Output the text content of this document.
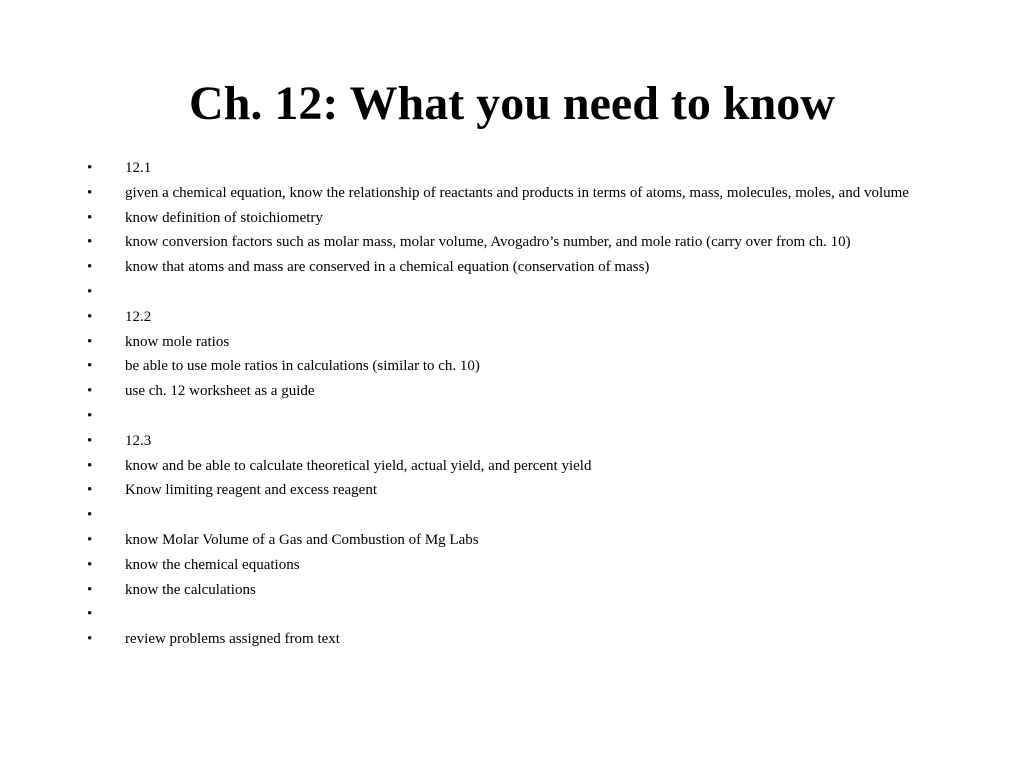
Ch. 12: What you need to know
•	12.1
•	given a chemical equation, know the relationship of reactants and products in terms of atoms, mass, molecules, moles, and volume
•	know definition of stoichiometry
•	know conversion factors such as molar mass, molar volume, Avogadro’s number, and mole ratio (carry over from ch. 10)
•	know that atoms and mass are conserved in a chemical equation (conservation of mass)
•

•	12.2
•	know mole ratios
•	be able to use mole ratios in calculations (similar to ch. 10)
•	use ch. 12 worksheet as a guide
•

•	12.3
•	know and be able to calculate theoretical yield, actual yield, and percent yield
•	Know limiting reagent and excess reagent
•

•	know Molar Volume of a Gas and Combustion of Mg Labs
•	know the chemical equations
•	know the calculations
•

•	review problems assigned from text
